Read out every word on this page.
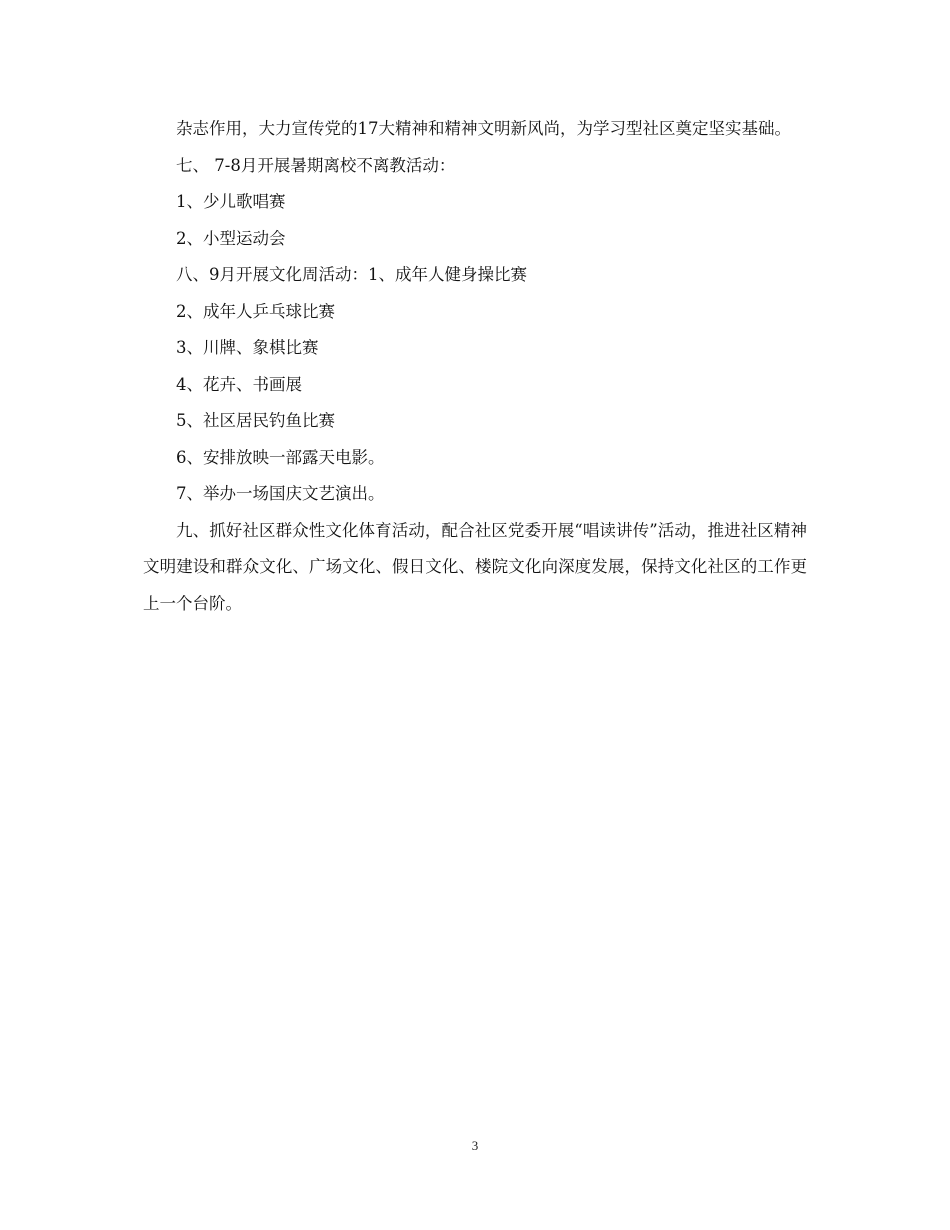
杂志作用，大力宣传党的17大精神和精神文明新风尚，为学习型社区奠定坚实基础。

七、 7-8月开展暑期离校不离教活动：

1、少儿歌唱赛

2、小型运动会

八、9月开展文化周活动：1、成年人健身操比赛

2、成年人乒乓球比赛

3、川牌、象棋比赛

4、花卉、书画展

5、社区居民钓鱼比赛

6、安排放映一部露天电影。

7、举办一场国庆文艺演出。

九、抓好社区群众性文化体育活动，配合社区党委开展“唱读讲传”活动，推进社区精神文明建设和群众文化、广场文化、假日文化、楼院文化向深度发展，保持文化社区的工作更上一个台阶。

3
